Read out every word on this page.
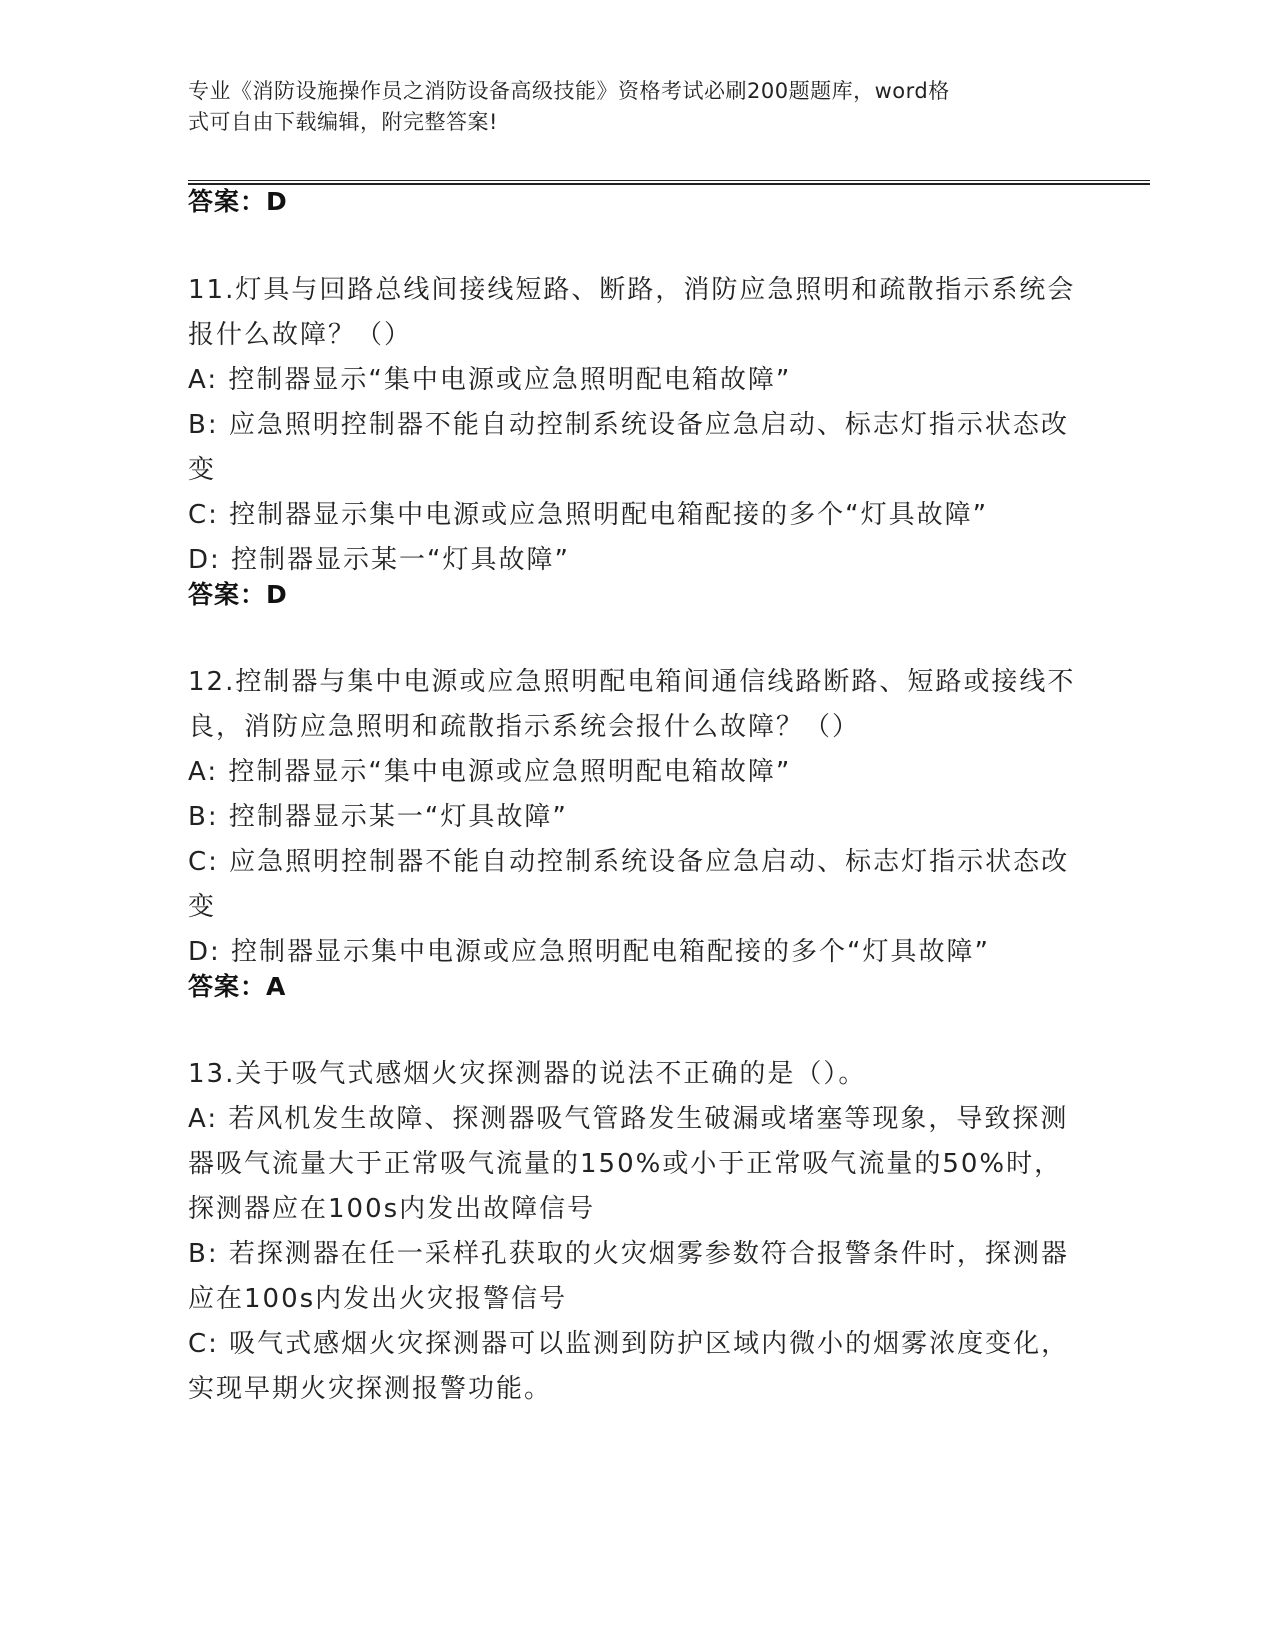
专业《消防设施操作员之消防设备高级技能》资格考试必刷200题题库，word格
式可自由下载编辑，附完整答案!
答案：D

11.灯具与回路总线间接线短路、断路，消防应急照明和疏散指示系统会报什么故障？（）

A: 控制器显示“集中电源或应急照明配电箱故障”

B: 应急照明控制器不能自动控制系统设备应急启动、标志灯指示状态改变

C: 控制器显示集中电源或应急照明配电箱配接的多个“灯具故障”

D: 控制器显示某一“灯具故障”

答案：D

12.控制器与集中电源或应急照明配电箱间通信线路断路、短路或接线不良，消防应急照明和疏散指示系统会报什么故障？（）

A: 控制器显示“集中电源或应急照明配电箱故障”

B: 控制器显示某一“灯具故障”

C: 应急照明控制器不能自动控制系统设备应急启动、标志灯指示状态改变

D: 控制器显示集中电源或应急照明配电箱配接的多个“灯具故障”

答案：A

13.关于吸气式感烟火灾探测器的说法不正确的是（）。

A: 若风机发生故障、探测器吸气管路发生破漏或堵塞等现象，导致探测器吸气流量大于正常吸气流量的150%或小于正常吸气流量的50%时，探测器应在100s内发出故障信号

B: 若探测器在任一采样孔获取的火灾烟雾参数符合报警条件时，探测器应在100s内发出火灾报警信号

C: 吸气式感烟火灾探测器可以监测到防护区域内微小的烟雾浓度变化，实现早期火灾探测报警功能。
